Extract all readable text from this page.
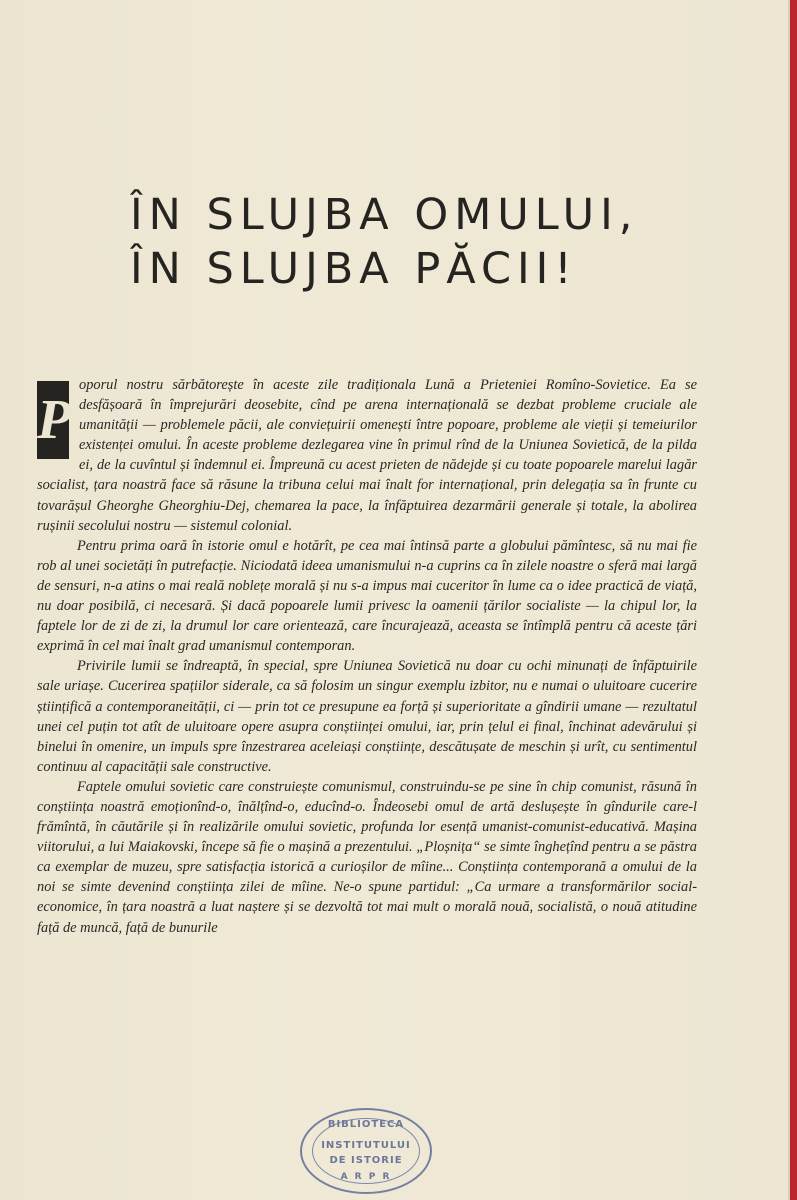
ÎN SLUJBA OMULUI,
ÎN SLUJBA PĂCII!
P

oporul nostru sărbătorește în aceste zile tradiționala Lună a Prieteniei Romîno-Sovietice. Ea se desfășoară în împrejurări deosebite, cînd pe arena internațională se dezbat probleme cruciale ale umanității — problemele păcii, ale conviețuirii omenești între popoare, probleme ale vieții și temeiurilor existenței omului. În aceste probleme dezlegarea vine în primul rînd de la Uniunea Sovietică, de la pilda ei, de la cuvîntul și îndemnul ei. Împreună cu acest prieten de nădejde și cu toate popoarele marelui lagăr socialist, țara noastră face să răsune la tribuna celui mai înalt for internațional, prin delegația sa în frunte cu tovarășul Gheorghe Gheorghiu-Dej, chemarea la pace, la înfăptuirea dezarmării generale și totale, la abolirea rușinii secolului nostru — sistemul colonial.

Pentru prima oară în istorie omul e hotărît, pe cea mai întinsă parte a globului pămîntesc, să nu mai fie rob al unei societăți în putrefacție. Niciodată ideea umanismului n-a cuprins ca în zilele noastre o sferă mai largă de sensuri, n-a atins o mai reală noblețe morală și nu s-a impus mai cuceritor în lume ca o idee practică de viață, nu doar posibilă, ci necesară. Și dacă popoarele lumii privesc la oamenii țărilor socialiste — la chipul lor, la faptele lor de zi de zi, la drumul lor care orientează, care încurajează, aceasta se întîmplă pentru că aceste țări exprimă în cel mai înalt grad umanismul contemporan.

Privirile lumii se îndreaptă, în special, spre Uniunea Sovietică nu doar cu ochi minunați de înfăptuirile sale uriașe. Cucerirea spațiilor siderale, ca să folosim un singur exemplu izbitor, nu e numai o uluitoare cucerire științifică a contemporaneității, ci — prin tot ce presupune ea forță și superioritate a gîndirii umane — rezultatul unei cel puțin tot atît de uluitoare opere asupra conștiinței omului, iar, prin țelul ei final, închinat adevărului și binelui în omenire, un impuls spre înzestrarea aceleiași conștiințe, descătușate de meschin și urît, cu sentimentul continuu al capacității sale constructive.

Faptele omului sovietic care construiește comunismul, construindu-se pe sine în chip comunist, răsună în conștiința noastră emoționînd-o, înălțînd-o, educînd-o. Îndeosebi omul de artă deslușește în gîndurile care-l frămîntă, în căutările și în realizările omului sovietic, profunda lor esență umanist-comunist-educativă. Mașina viitorului, a lui Maiakovski, începe să fie o mașină a prezentului. „Ploșnița“ se simte înghețînd pentru a se păstra ca exemplar de muzeu, spre satisfacția istorică a curioșilor de mîine... Conștiința contemporană a omului de la noi se simte devenind conștiința zilei de mîine. Ne-o spune partidul: „Ca urmare a transformărilor social-economice, în țara noastră a luat naștere și se dezvoltă tot mai mult o morală nouă, socialistă, o nouă atitudine față de muncă, față de bunurile

BIBLIOTECA
INSTITUTULUI
DE ISTORIE
A R P R
